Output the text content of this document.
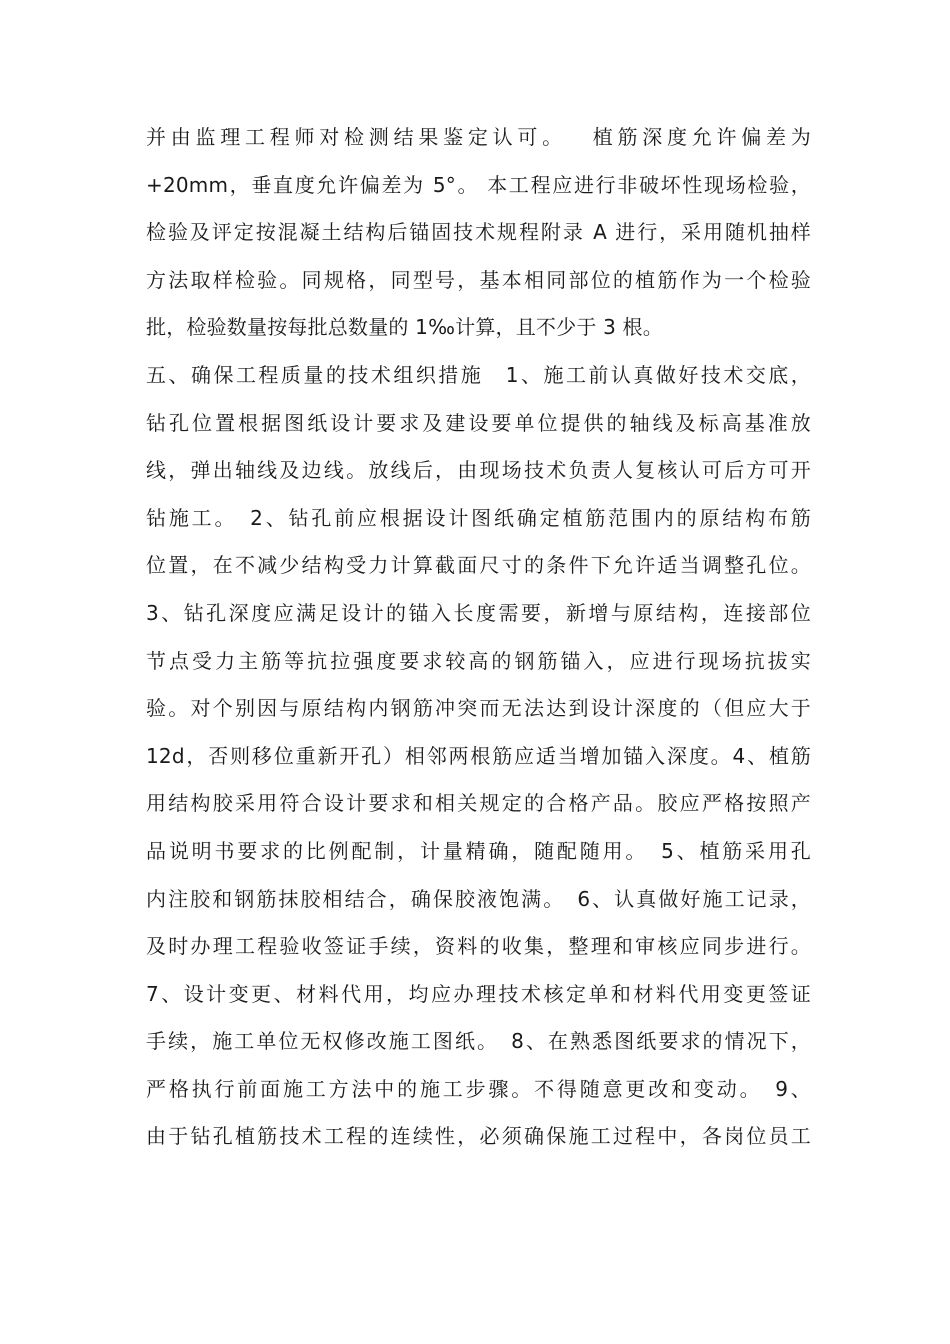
并由监理工程师对检测结果鉴定认可。　 植筋深度允许偏差为
+20mm，垂直度允许偏差为 5°。 本工程应进行非破坏性现场检验，
检验及评定按混凝土结构后锚固技术规程附录 A 进行，采用随机抽样
方法取样检验。同规格，同型号，基本相同部位的植筋作为一个检验
批，检验数量按每批总数量的 1‰计算，且不少于 3 根。
五、确保工程质量的技术组织措施　1、施工前认真做好技术交底，
钻孔位置根据图纸设计要求及建设要单位提供的轴线及标高基准放
线，弹出轴线及边线。放线后，由现场技术负责人复核认可后方可开
钻施工。　2、钻孔前应根据设计图纸确定植筋范围内的原结构布筋
位置，在不减少结构受力计算截面尺寸的条件下允许适当调整孔位。
3、钻孔深度应满足设计的锚入长度需要，新增与原结构，连接部位
节点受力主筋等抗拉强度要求较高的钢筋锚入，应进行现场抗拔实
验。对个别因与原结构内钢筋冲突而无法达到设计深度的（但应大于
12d，否则移位重新开孔）相邻两根筋应适当增加锚入深度。4、植筋
用结构胶采用符合设计要求和相关规定的合格产品。胶应严格按照产
品说明书要求的比例配制，计量精确，随配随用。　5、植筋采用孔
内注胶和钢筋抹胶相结合，确保胶液饱满。　6、认真做好施工记录，
及时办理工程验收签证手续，资料的收集，整理和审核应同步进行。
7、设计变更、材料代用，均应办理技术核定单和材料代用变更签证
手续，施工单位无权修改施工图纸。　8、在熟悉图纸要求的情况下，
严格执行前面施工方法中的施工步骤。不得随意更改和变动。　9、
由于钻孔植筋技术工程的连续性，必须确保施工过程中，各岗位员工
